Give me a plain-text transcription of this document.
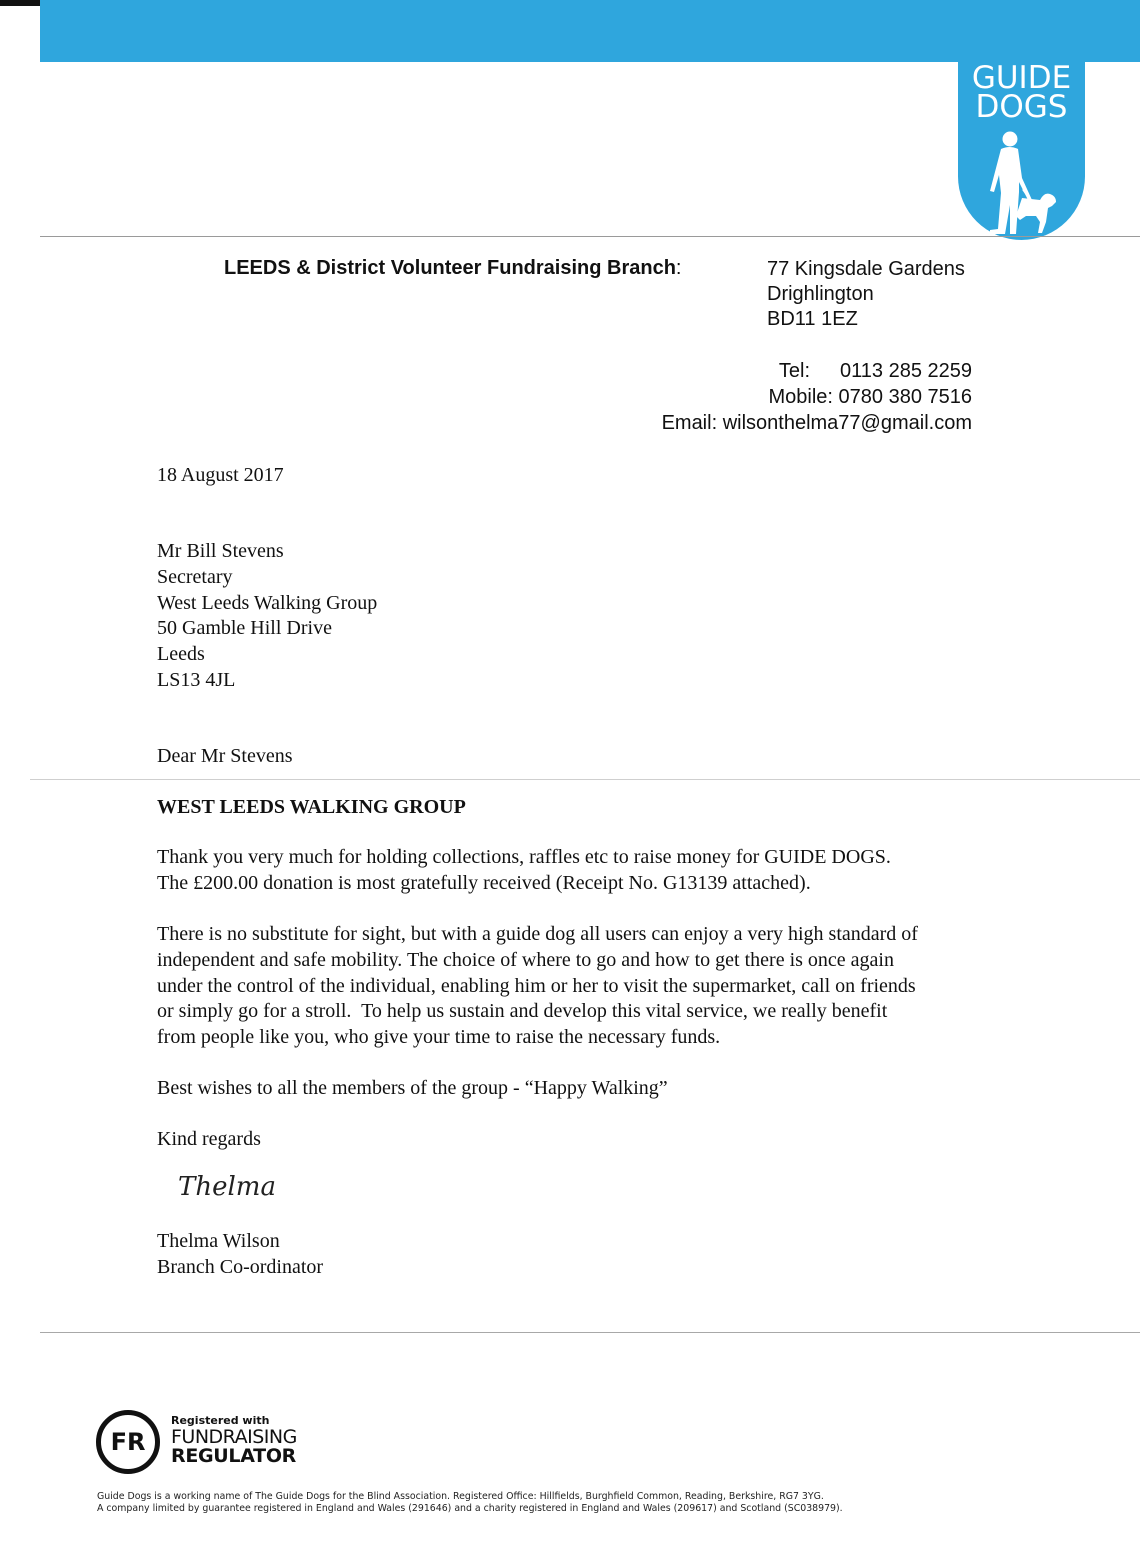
GUIDE
DOGS
LEEDS & District Volunteer Fundraising Branch:	77 Kingsdale Gardens
Drighlington
BD11 1EZ
Tel: 0113 285 2259
Mobile: 0780 380 7516
Email: wilsonthelma77@gmail.com
18 August 2017
Mr Bill Stevens
Secretary
West Leeds Walking Group
50 Gamble Hill Drive
Leeds
LS13 4JL
Dear Mr Stevens
WEST LEEDS WALKING GROUP
Thank you very much for holding collections, raffles etc to raise money for GUIDE DOGS.
The £200.00 donation is most gratefully received (Receipt No. G13139 attached).
There is no substitute for sight, but with a guide dog all users can enjoy a very high standard of
independent and safe mobility. The choice of where to go and how to get there is once again
under the control of the individual, enabling him or her to visit the supermarket, call on friends
or simply go for a stroll.  To help us sustain and develop this vital service, we really benefit
from people like you, who give your time to raise the necessary funds.
Best wishes to all the members of the group - “Happy Walking”
Kind regards
Thelma
Thelma Wilson
Branch Co-ordinator
FR
Registered with
FUNDRAISING
REGULATOR
Guide Dogs is a working name of The Guide Dogs for the Blind Association. Registered Office: Hillfields, Burghfield Common, Reading, Berkshire, RG7 3YG.
A company limited by guarantee registered in England and Wales (291646) and a charity registered in England and Wales (209617) and Scotland (SC038979).
